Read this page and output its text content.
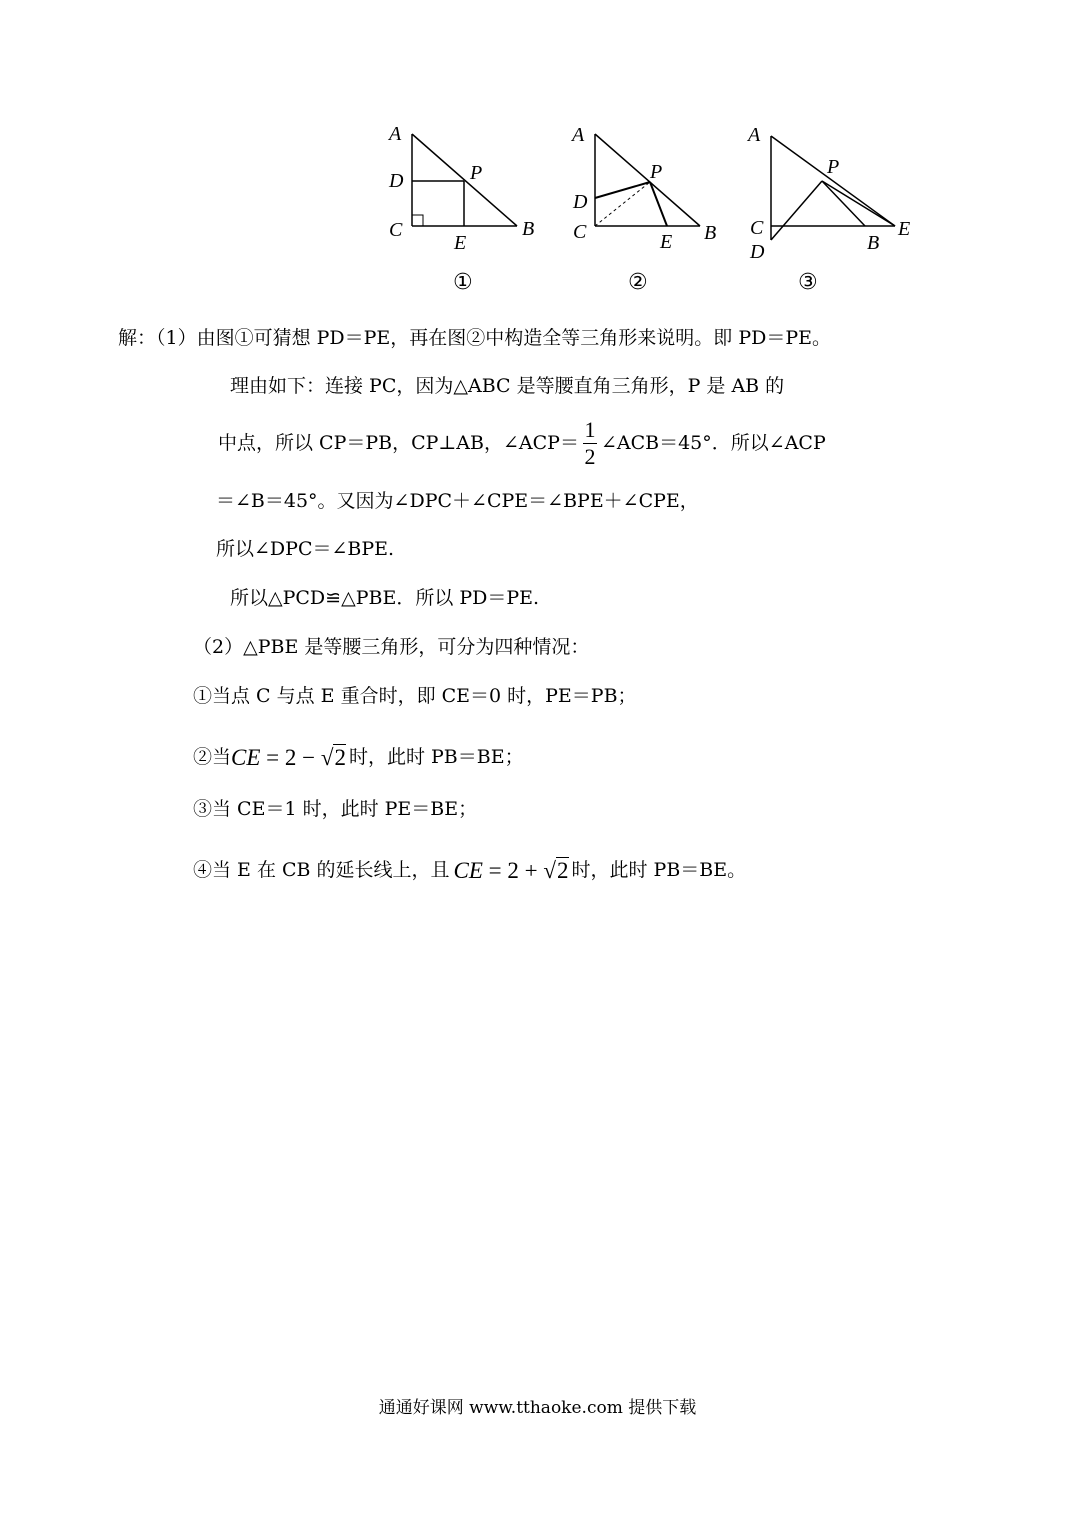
A
D
C
E
B
P
①
A
D
C	E B
P
②
A
C
D	B
E
P
③
解：（1）由图①可猜想 PD＝PE，再在图②中构造全等三角形来说明。即 PD＝PE。
理由如下：连接 PC，因为△ABC 是等腰直角三角形，P 是 AB 的
中点，所以 CP＝PB，CP⊥AB，∠ACP＝ $\frac{1}{2}$ ∠ACB＝45°．所以∠ACP
＝∠B＝45°。又因为∠DPC＋∠CPE＝∠BPE＋∠CPE，
所以∠DPC＝∠BPE.
所以△PCD≌△PBE．所以 PD＝PE.
（2）△PBE 是等腰三角形，可分为四种情况：
①当点 C 与点 E 重合时，即 CE＝0 时，PE＝PB；
②当 CE = 2 − √2 时，此时 PB＝BE；
③当 CE＝1 时，此时 PE＝BE；
④当 E 在 CB 的延长线上，且 CE = 2 + √2 时，此时 PB＝BE。
通通好课网 www.tthaoke.com 提供下载
